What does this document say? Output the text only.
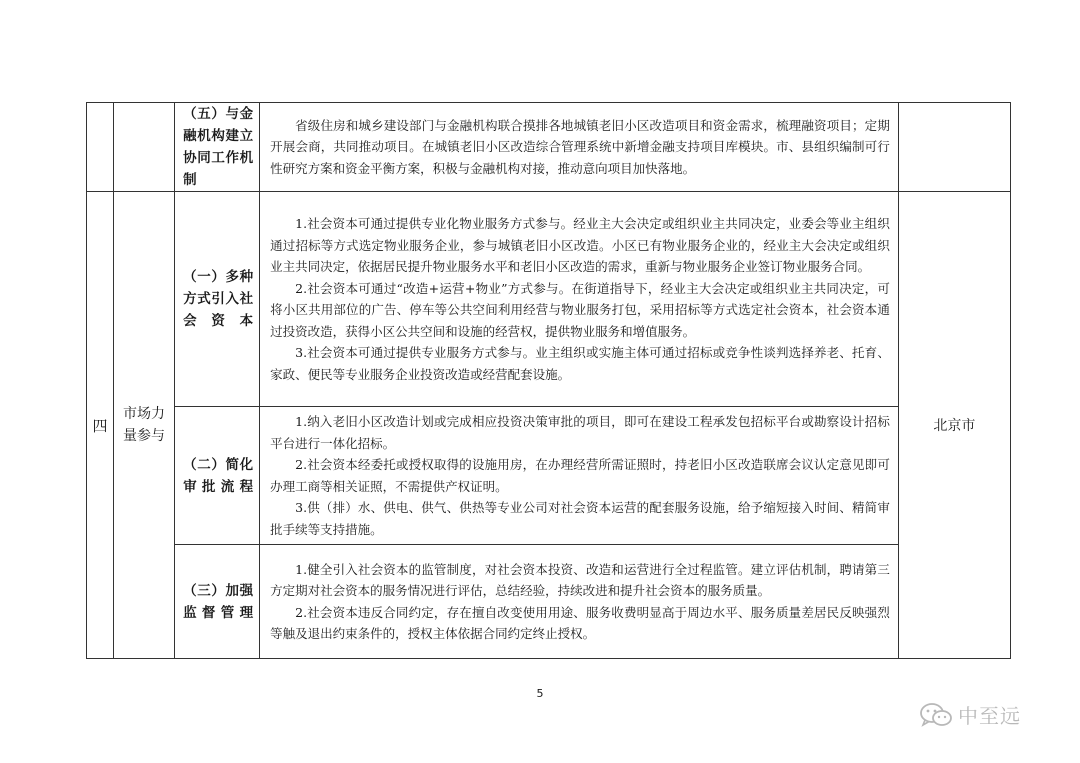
		（五）与金融机构建立协同工作机制	省级住房和城乡建设部门与金融机构联合摸排各地城镇老旧小区改造项目和资金需求，梳理融资项目；定期开展会商，共同推动项目。在城镇老旧小区改造综合管理系统中新增金融支持项目库模块。市、县组织编制可行性研究方案和资金平衡方案，积极与金融机构对接，推动意向项目加快落地。	

四	市场力量参与	（一）多种方式引入社会资本	1.社会资本可通过提供专业化物业服务方式参与。经业主大会决定或组织业主共同决定，业委会等业主组织通过招标等方式选定物业服务企业，参与城镇老旧小区改造。小区已有物业服务企业的，经业主大会决定或组织业主共同决定，依据居民提升物业服务水平和老旧小区改造的需求，重新与物业服务企业签订物业服务合同。

2.社会资本可通过“改造+运营+物业”方式参与。在街道指导下，经业主大会决定或组织业主共同决定，可将小区共用部位的广告、停车等公共空间利用经营与物业服务打包，采用招标等方式选定社会资本，社会资本通过投资改造，获得小区公共空间和设施的经营权，提供物业服务和增值服务。

3.社会资本可通过提供专业服务方式参与。业主组织或实施主体可通过招标或竞争性谈判选择养老、托育、家政、便民等专业服务企业投资改造或经营配套设施。	北京市
		（二）简化审批流程	1.纳入老旧小区改造计划或完成相应投资决策审批的项目，即可在建设工程承发包招标平台或勘察设计招标平台进行一体化招标。

2.社会资本经委托或授权取得的设施用房，在办理经营所需证照时，持老旧小区改造联席会议认定意见即可办理工商等相关证照，不需提供产权证明。

3.供（排）水、供电、供气、供热等专业公司对社会资本运营的配套服务设施，给予缩短接入时间、精简审批手续等支持措施。	

		（三）加强监督管理	1.健全引入社会资本的监管制度，对社会资本投资、改造和运营进行全过程监管。建立评估机制，聘请第三方定期对社会资本的服务情况进行评估，总结经验，持续改进和提升社会资本的服务质量。

2.社会资本违反合同约定，存在擅自改变使用用途、服务收费明显高于周边水平、服务质量差居民反映强烈等触及退出约束条件的，授权主体依据合同约定终止授权。	

5
中至远
